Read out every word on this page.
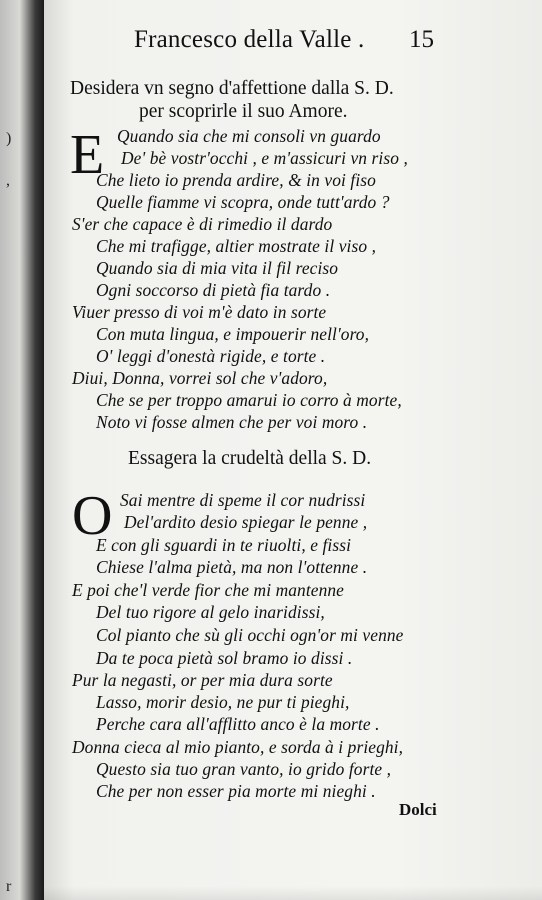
)
,
r
Francesco della Valle . 15
Desidera vn segno d'affettione dalla S. D.
per scoprirle il suo Amore.
E Quando sia che mi consoli vn guardo
De' bè vostr'occhi , e m'assicuri vn riso ,
Che lieto io prenda ardire, & in voi fiso
Quelle fiamme vi scopra, onde tutt'ardo ?
S'er che capace è di rimedio il dardo
Che mi trafigge, altier mostrate il viso ,
Quando sia di mia vita il fil reciso
Ogni soccorso di pietà fia tardo .
Viuer presso di voi m'è dato in sorte
Con muta lingua, e impouerir nell'oro,
O' leggi d'onestà rigide, e torte .
Diui, Donna, vorrei sol che v'adoro,
Che se per troppo amarui io corro à morte,
Noto vi fosse almen che per voi moro .
Essagera la crudeltà della S. D.
O Sai mentre di speme il cor nudrissi
Del'ardito desio spiegar le penne ,
E con gli sguardi in te riuolti, e fissi
Chiese l'alma pietà, ma non l'ottenne .
E poi che'l verde fior che mi mantenne
Del tuo rigore al gelo inaridissi,
Col pianto che sù gli occhi ogn'or mi venne
Da te poca pietà sol bramo io dissi .
Pur la negasti, or per mia dura sorte
Lasso, morir desio, ne pur ti pieghi,
Perche cara all'afflitto anco è la morte .
Donna cieca al mio pianto, e sorda à i prieghi,
Questo sia tuo gran vanto, io grido forte ,
Che per non esser pia morte mi nieghi .
Dolci
